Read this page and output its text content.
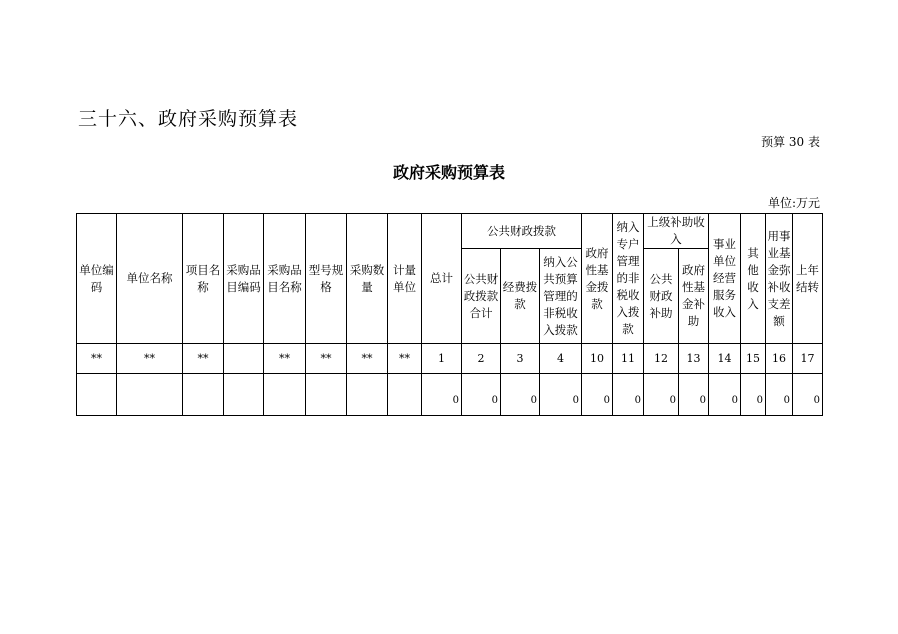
三十六、政府采购预算表
预算 30 表
政府采购预算表
单位:万元
单位编码	单位名称	项目名称	采购品目编码	采购品目名称	型号规格	采购数量	计量单位	总计	公共财政拨款			政府性基金拨款	纳入专户管理的非税收入拨款	上级补助收入		事业单位经营服务收入	其他收入	用事业基金弥补收支差额	上年结转
									公共财政拨款合计	经费拨款	纳入公共预算管理的非税收入拨款			公共财政补助	政府性基金补助				
**	**	**		**	**	**	**	1	2	3	4	10	11	12	13	14	15	16	17
								0	0	0	0	0	0	0	0	0	0	0	0
